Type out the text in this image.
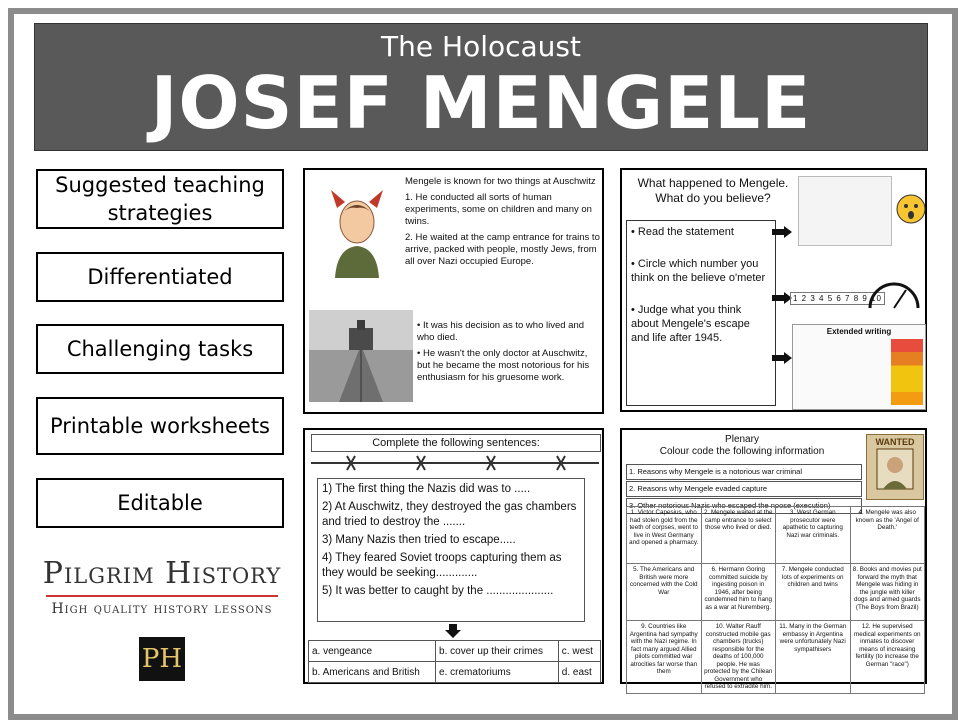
The Holocaust
JOSEF MENGELE
Suggested teaching strategies
Differentiated
Challenging tasks
Printable worksheets
Editable
Pilgrim History
High quality history lessons
PH

Mengele is known for two things at Auschwitz

1. He conducted all sorts of human experiments, some on children and many on twins.

2. He waited at the camp entrance for trains to arrive, packed with people, mostly Jews, from all over Nazi occupied Europe.

• It was his decision as to who lived and who died.
• He wasn't the only doctor at Auschwitz, but he became the most notorious for his enthusiasm for his gruesome work.
What happened to Mengele. What do you believe?
• Read the statement
• Circle which number you think on the believe o'meter
• Judge what you think about Mengele's escape and life after 1945.
1 2 3 4 5 6 7 8 9 10
Extended writing
Complete the following sentences:
1) The first thing the Nazis did was to .....
2) At Auschwitz, they destroyed the gas chambers and tried to destroy the .......
3) Many Nazis then tried to escape.....
4) They feared Soviet troops capturing them as they would be seeking.............
5) It was better to caught by the .....................
a. vengeance	b. cover up their crimes	c. west
b. Americans and British	e. crematoriums	d. east
Plenary
Colour code the following information
1. Reasons why Mengele is a notorious war criminal
2. Reasons why Mengele evaded capture
3. Other notorious Nazis who escaped the noose (execution)
WANTED
1. Victor Capesius, who had stolen gold from the teeth of corpses, went to live in West Germany and opened a pharmacy.	2. Mengele waited at the camp entrance to select those who lived or died.	3. West German prosecutor were apathetic to capturing Nazi war criminals.	4. Mengele was also known as the 'Angel of Death.'
5. The Americans and British were more concerned with the Cold War	6. Hermann Goring committed suicide by ingesting poison in 1946, after being condemned him to hang as a war at Nuremberg.	7. Mengele conducted lots of experiments on children and twins	8. Books and movies put forward the myth that Mengele was hiding in the jungle with killer dogs and armed guards (The Boys from Brazil)
9. Countries like Argentina had sympathy with the Nazi regime. In fact many argued Allied pilots committed war atrocities far worse than them	10. Walter Rauff constructed mobile gas chambers (trucks) responsible for the deaths of 100,000 people. He was protected by the Chilean Government who refused to extradite him.	11. Many in the German embassy in Argentina were unfortunately Nazi sympathisers	12. He supervised medical experiments on inmates to discover means of increasing fertility (to increase the German "race")
